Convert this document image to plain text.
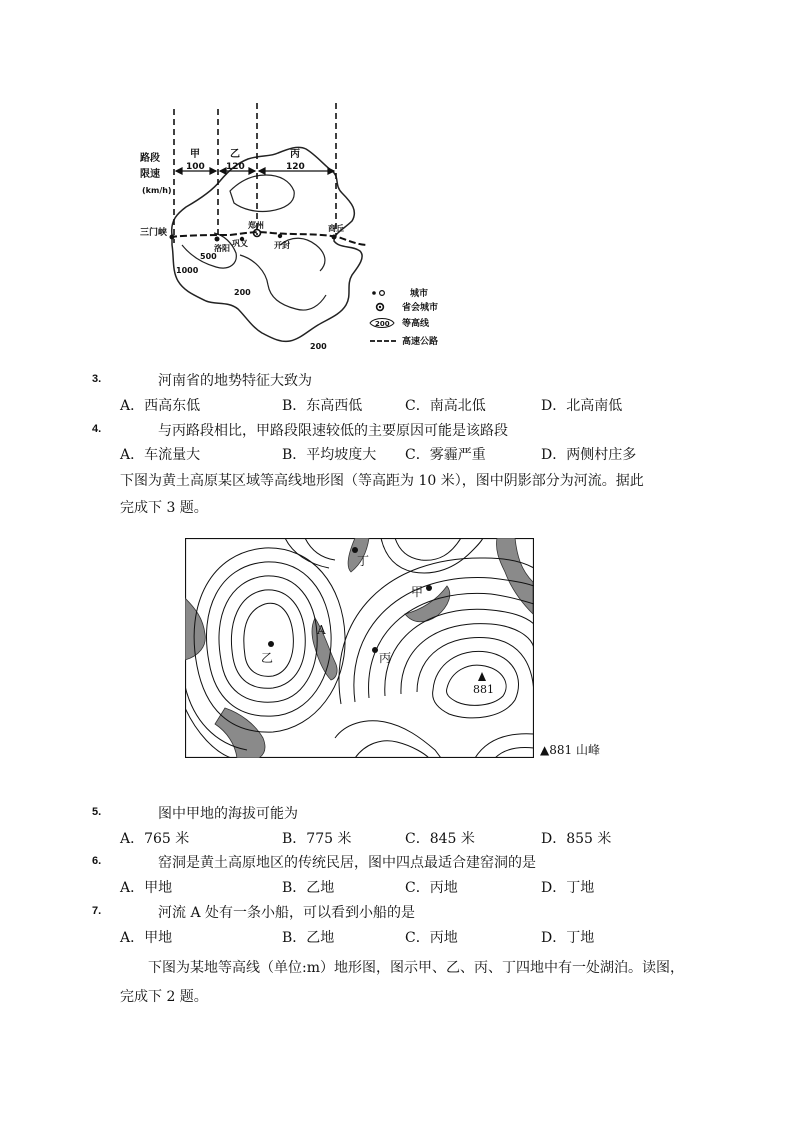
路段
限速
(km/h)
甲
100
乙
120
丙
120
三门峡
洛阳
郑州
巩义	开封
商丘
500
1000
200
200
城市
省会城市
200 等高线
高速公路
3.	河南省的地势特征大致为
A．西高东低	B．东高西低	C．南高北低	D．北高南低
4.	与丙路段相比，甲路段限速较低的主要原因可能是该路段
A．车流量大	B．平均坡度大 C．雾霾严重	D．两侧村庄多
下图为黄土高原某区域等高线地形图（等高距为 10 米），图中阴影部分为河流。据此
完成下 3 题。
丁
甲
乙	丙
A
881
▲881 山峰
5.	图中甲地的海拔可能为
A．765 米	B．775 米	C．845 米	D．855 米
6.	窑洞是黄土高原地区的传统民居，图中四点最适合建窑洞的是
A．甲地	B．乙地	C．丙地	D．丁地
7.	河流 A 处有一条小船，可以看到小船的是
A．甲地	B．乙地	C．丙地	D．丁地
下图为某地等高线（单位:m）地形图，图示甲、乙、丙、丁四地中有一处湖泊。读图，
完成下 2 题。
